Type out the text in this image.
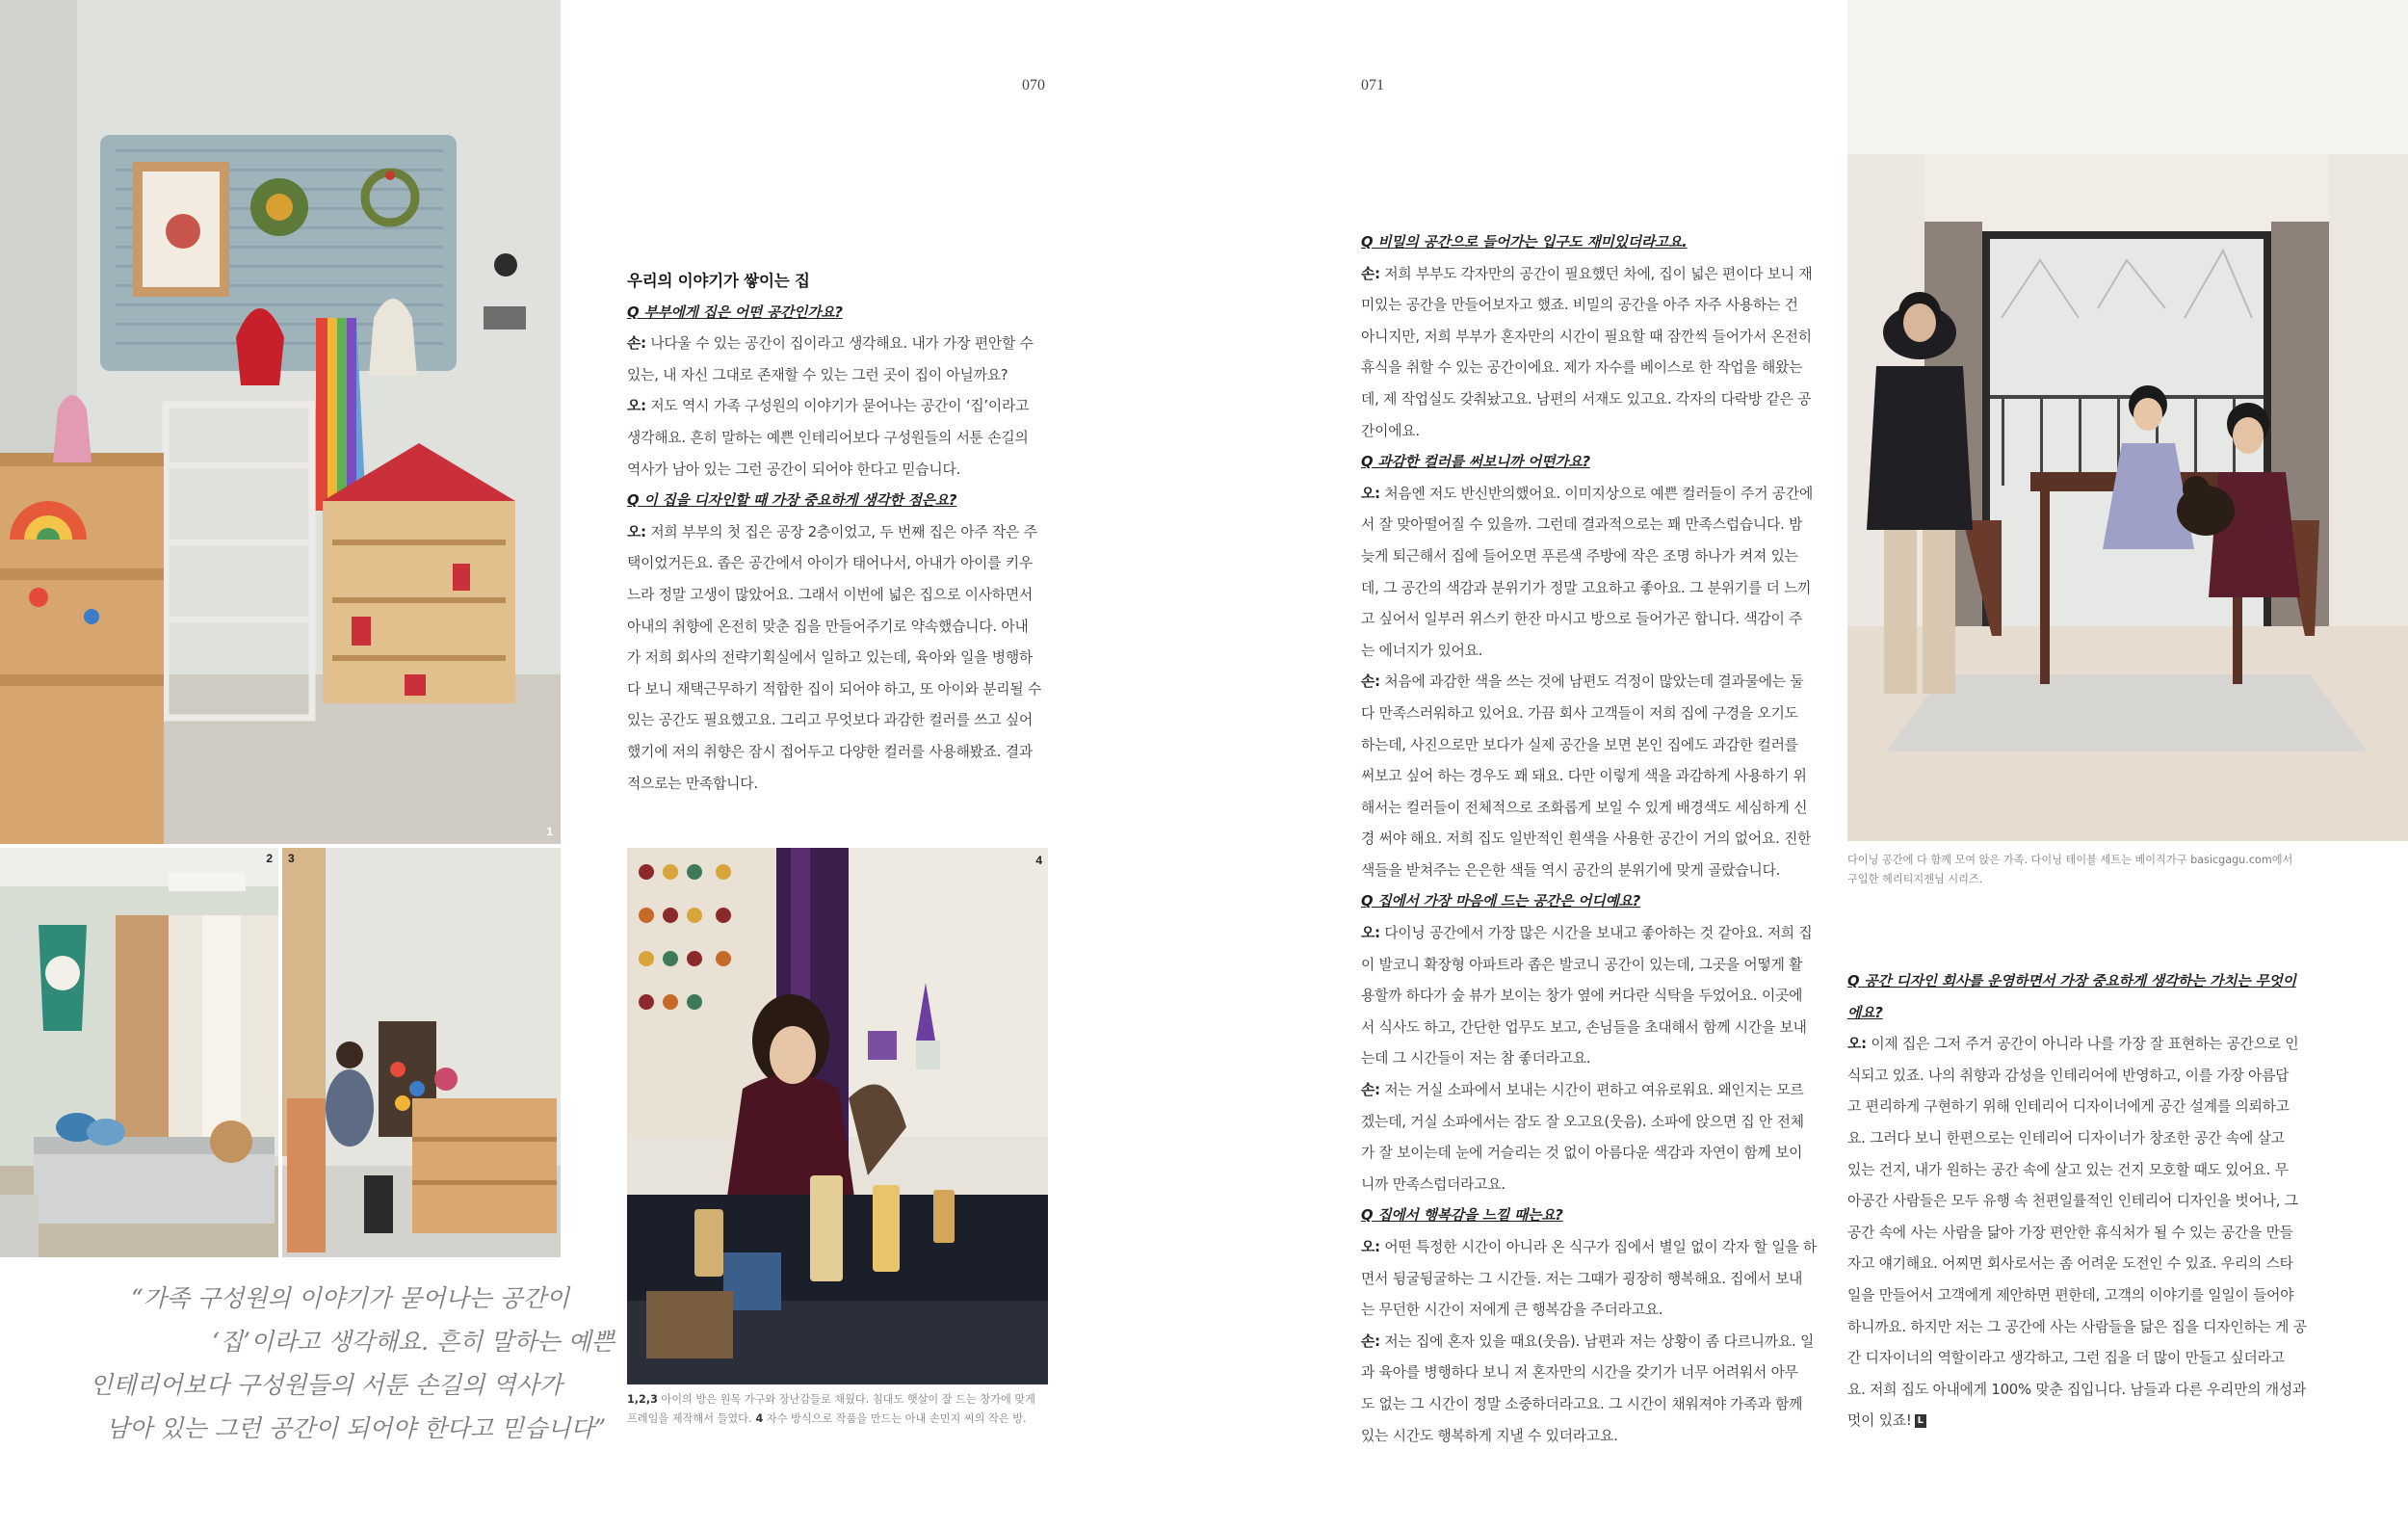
1
2 3
“가족 구성원의 이야기가 묻어나는 공간이
‘집’이라고 생각해요. 흔히 말하는 예쁜
인테리어보다 구성원들의 서툰 손길의 역사가
남아 있는 그런 공간이 되어야 한다고 믿습니다”
4
1,2,3 아이의 방은 원목 가구와 장난감들로 채웠다. 침대도 햇살이 잘 드는 창가에 맞게
프레임을 제작해서 들였다. 4 자수 방식으로 작품을 만드는 아내 손민지 씨의 작은 방.
070	071
우리의 이야기가 쌓이는 집

Q 부부에게 집은 어떤 공간인가요?

손: 나다울 수 있는 공간이 집이라고 생각해요. 내가 가장 편안할 수

있는, 내 자신 그대로 존재할 수 있는 그런 곳이 집이 아닐까요?

오: 저도 역시 가족 구성원의 이야기가 묻어나는 공간이 ‘집’이라고

생각해요. 흔히 말하는 예쁜 인테리어보다 구성원들의 서툰 손길의

역사가 남아 있는 그런 공간이 되어야 한다고 믿습니다.

Q 이 집을 디자인할 때 가장 중요하게 생각한 점은요?

오: 저희 부부의 첫 집은 공장 2층이었고, 두 번째 집은 아주 작은 주

택이었거든요. 좁은 공간에서 아이가 태어나서, 아내가 아이를 키우

느라 정말 고생이 많았어요. 그래서 이번에 넓은 집으로 이사하면서

아내의 취향에 온전히 맞춘 집을 만들어주기로 약속했습니다. 아내

가 저희 회사의 전략기획실에서 일하고 있는데, 육아와 일을 병행하

다 보니 재택근무하기 적합한 집이 되어야 하고, 또 아이와 분리될 수

있는 공간도 필요했고요. 그리고 무엇보다 과감한 컬러를 쓰고 싶어

했기에 저의 취향은 잠시 접어두고 다양한 컬러를 사용해봤죠. 결과

적으로는 만족합니다.

Q 비밀의 공간으로 들어가는 입구도 재미있더라고요.

손: 저희 부부도 각자만의 공간이 필요했던 차에, 집이 넓은 편이다 보니 재

미있는 공간을 만들어보자고 했죠. 비밀의 공간을 아주 자주 사용하는 건

아니지만, 저희 부부가 혼자만의 시간이 필요할 때 잠깐씩 들어가서 온전히

휴식을 취할 수 있는 공간이에요. 제가 자수를 베이스로 한 작업을 해왔는

데, 제 작업실도 갖춰놨고요. 남편의 서재도 있고요. 각자의 다락방 같은 공

간이에요.

Q 과감한 컬러를 써보니까 어떤가요?

오: 처음엔 저도 반신반의했어요. 이미지상으로 예쁜 컬러들이 주거 공간에

서 잘 맞아떨어질 수 있을까. 그런데 결과적으로는 꽤 만족스럽습니다. 밤

늦게 퇴근해서 집에 들어오면 푸른색 주방에 작은 조명 하나가 켜져 있는

데, 그 공간의 색감과 분위기가 정말 고요하고 좋아요. 그 분위기를 더 느끼

고 싶어서 일부러 위스키 한잔 마시고 방으로 들어가곤 합니다. 색감이 주

는 에너지가 있어요.

손: 처음에 과감한 색을 쓰는 것에 남편도 걱정이 많았는데 결과물에는 둘

다 만족스러워하고 있어요. 가끔 회사 고객들이 저희 집에 구경을 오기도

하는데, 사진으로만 보다가 실제 공간을 보면 본인 집에도 과감한 컬러를

써보고 싶어 하는 경우도 꽤 돼요. 다만 이렇게 색을 과감하게 사용하기 위

해서는 컬러들이 전체적으로 조화롭게 보일 수 있게 배경색도 세심하게 신

경 써야 해요. 저희 집도 일반적인 흰색을 사용한 공간이 거의 없어요. 진한

색들을 받쳐주는 은은한 색들 역시 공간의 분위기에 맞게 골랐습니다.

Q 집에서 가장 마음에 드는 공간은 어디예요?

오: 다이닝 공간에서 가장 많은 시간을 보내고 좋아하는 것 같아요. 저희 집

이 발코니 확장형 아파트라 좁은 발코니 공간이 있는데, 그곳을 어떻게 활

용할까 하다가 숲 뷰가 보이는 창가 옆에 커다란 식탁을 두었어요. 이곳에

서 식사도 하고, 간단한 업무도 보고, 손님들을 초대해서 함께 시간을 보내

는데 그 시간들이 저는 참 좋더라고요.

손: 저는 거실 소파에서 보내는 시간이 편하고 여유로워요. 왜인지는 모르

겠는데, 거실 소파에서는 잠도 잘 오고요(웃음). 소파에 앉으면 집 안 전체

가 잘 보이는데 눈에 거슬리는 것 없이 아름다운 색감과 자연이 함께 보이

니까 만족스럽더라고요.

Q 집에서 행복감을 느낄 때는요?

오: 어떤 특정한 시간이 아니라 온 식구가 집에서 별일 없이 각자 할 일을 하

면서 뒹굴뒹굴하는 그 시간들. 저는 그때가 굉장히 행복해요. 집에서 보내

는 무던한 시간이 저에게 큰 행복감을 주더라고요.

손: 저는 집에 혼자 있을 때요(웃음). 남편과 저는 상황이 좀 다르니까요. 일

과 육아를 병행하다 보니 저 혼자만의 시간을 갖기가 너무 어려워서 아무

도 없는 그 시간이 정말 소중하더라고요. 그 시간이 채워져야 가족과 함께

있는 시간도 행복하게 지낼 수 있더라고요.

다이닝 공간에 다 함께 모여 앉은 가족. 다이닝 테이블 세트는 베이직가구 basicgagu.com에서
구입한 헤리티지젠님 시리즈.

Q 공간 디자인 회사를 운영하면서 가장 중요하게 생각하는 가치는 무엇이

에요?

오: 이제 집은 그저 주거 공간이 아니라 나를 가장 잘 표현하는 공간으로 인

식되고 있죠. 나의 취향과 감성을 인테리어에 반영하고, 이를 가장 아름답

고 편리하게 구현하기 위해 인테리어 디자이너에게 공간 설계를 의뢰하고

요. 그러다 보니 한편으로는 인테리어 디자이너가 창조한 공간 속에 살고

있는 건지, 내가 원하는 공간 속에 살고 있는 건지 모호할 때도 있어요. 무

아공간 사람들은 모두 유행 속 천편일률적인 인테리어 디자인을 벗어나, 그

공간 속에 사는 사람을 닮아 가장 편안한 휴식처가 될 수 있는 공간을 만들

자고 얘기해요. 어찌면 회사로서는 좀 어려운 도전인 수 있죠. 우리의 스타

일을 만들어서 고객에게 제안하면 편한데, 고객의 이야기를 일일이 들어야

하니까요. 하지만 저는 그 공간에 사는 사람들을 닮은 집을 디자인하는 게 공

간 디자이너의 역할이라고 생각하고, 그런 집을 더 많이 만들고 싶더라고

요. 저희 집도 아내에게 100% 맞춘 집입니다. 남들과 다른 우리만의 개성과

멋이 있죠! L
